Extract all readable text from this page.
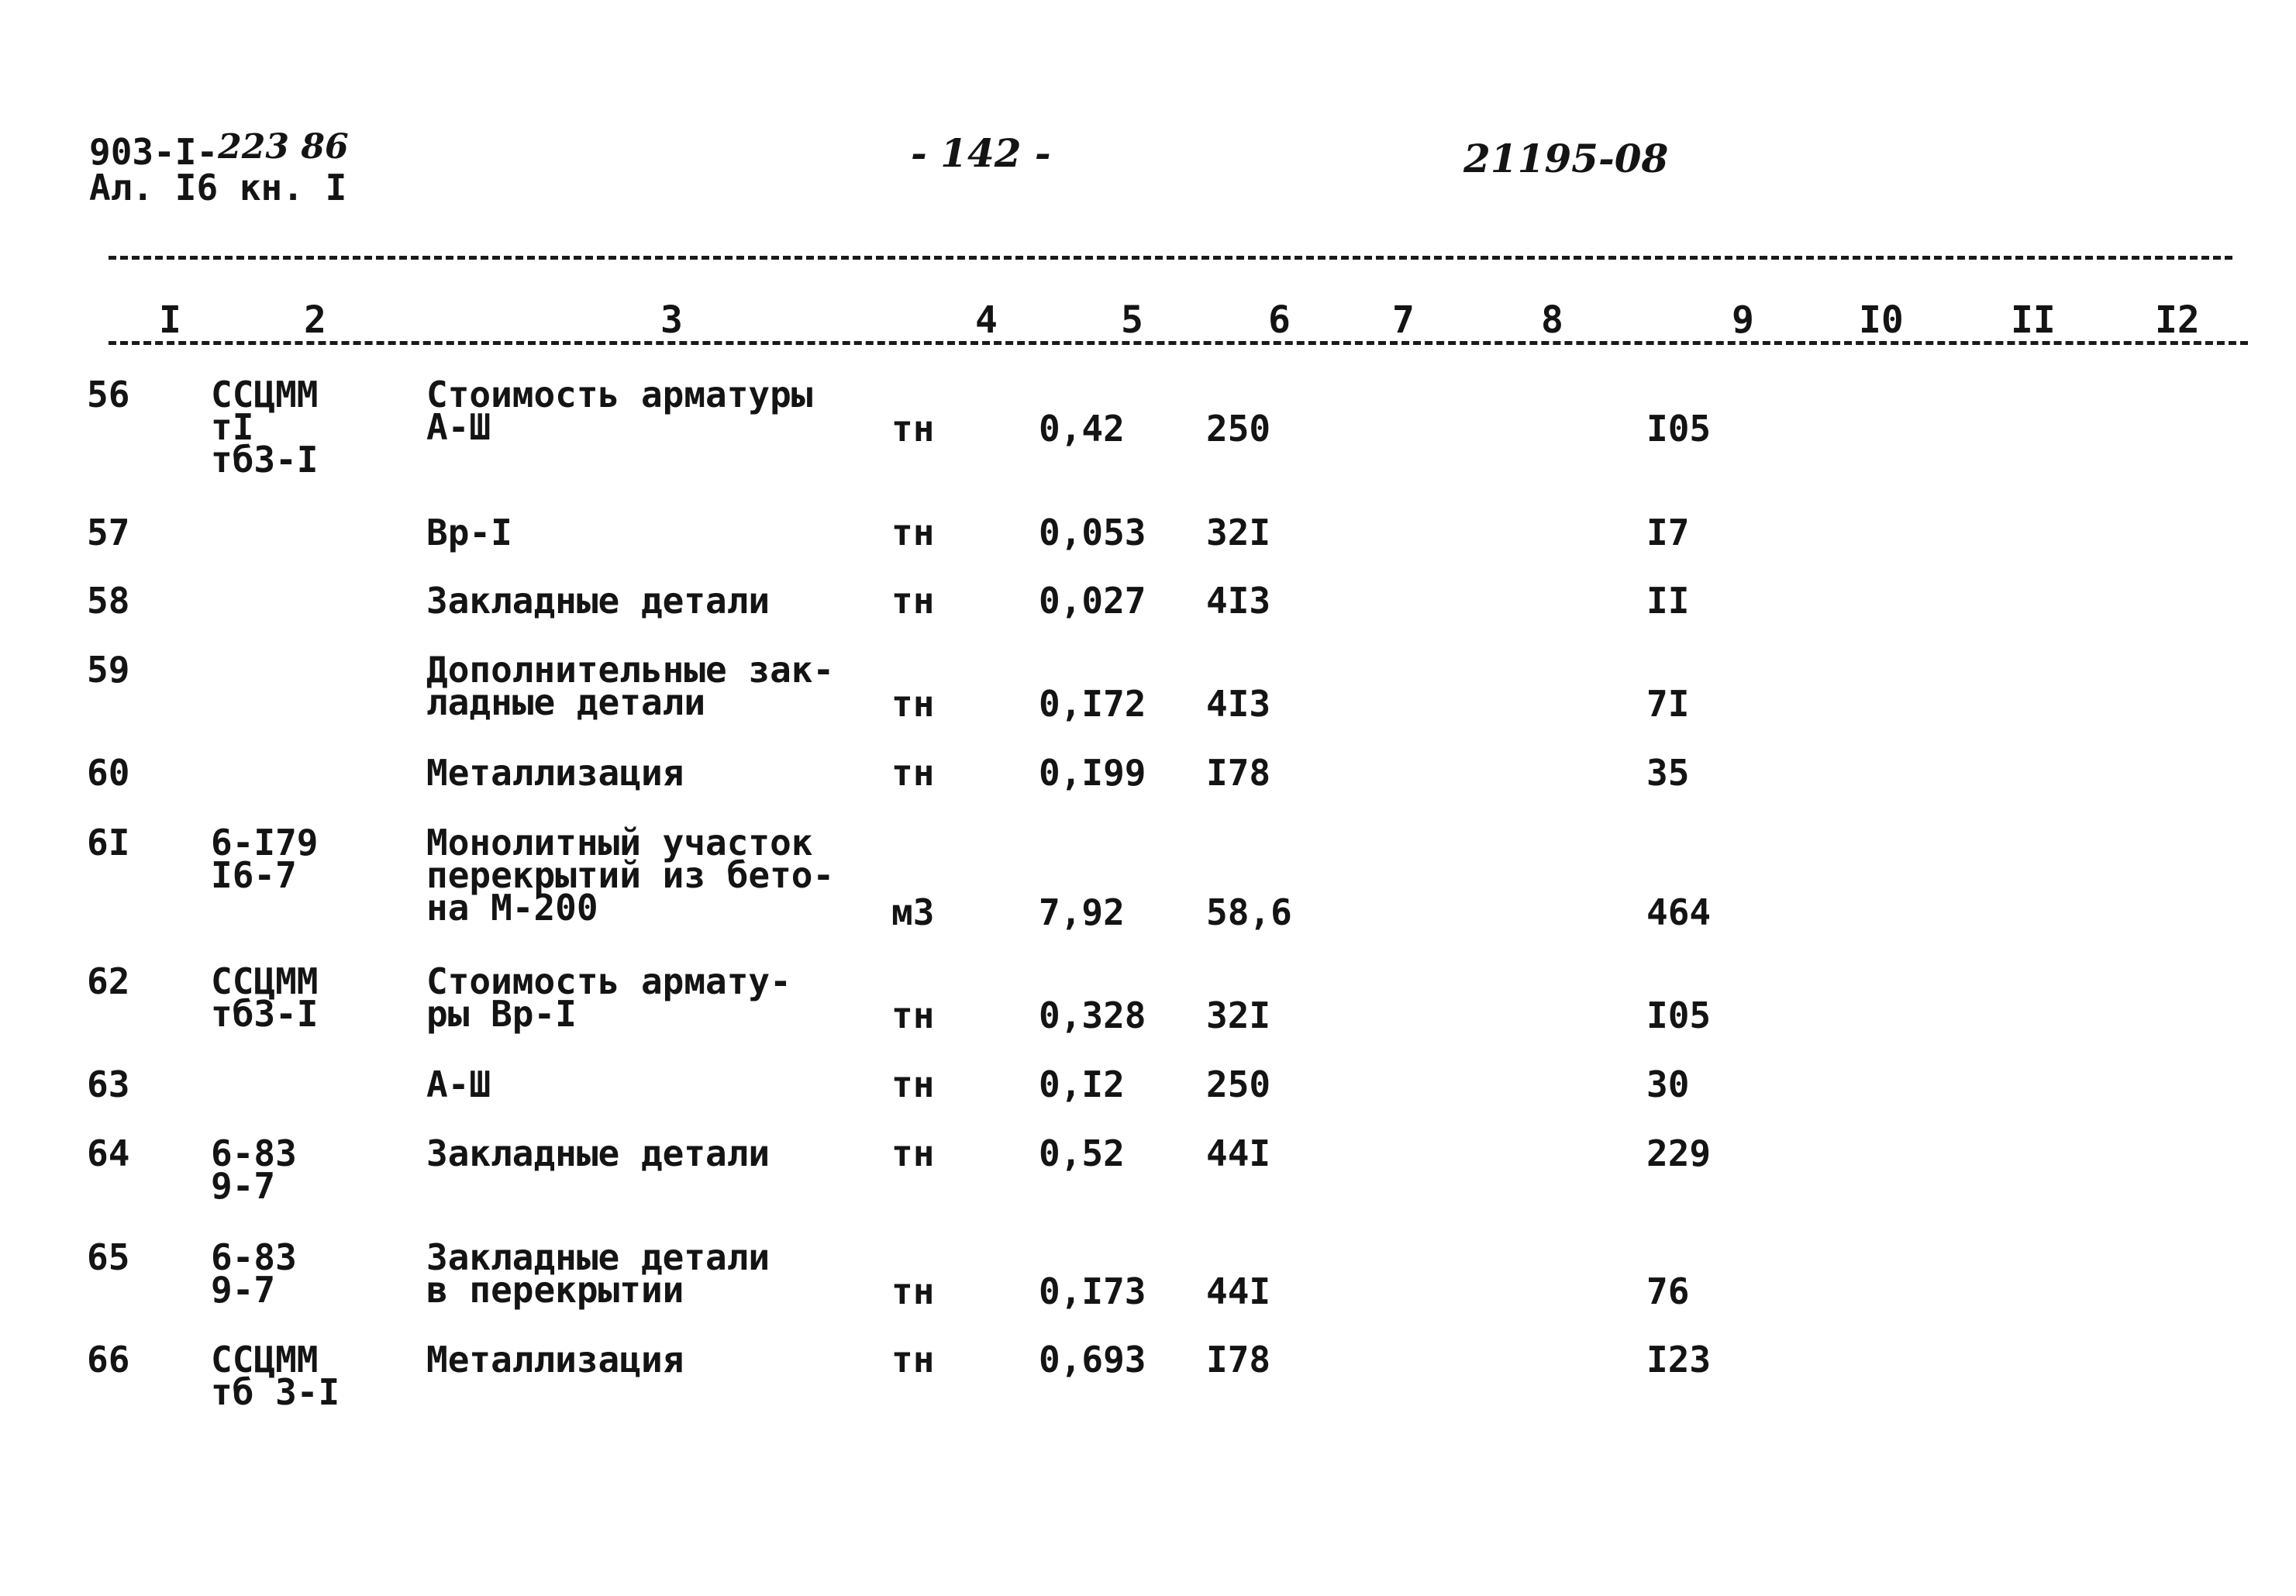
903-I-223 86
Ал. I6 кн. I
- 142 -	21195-08
I	2	3	4	5	6	7	8	9	I0	II	I2
56 ССЦММ
тI
тб3-I
Стоимость арматуры
А-Ш	тн	0,42 250	I05
57	Вр-I	тн	0,053 32I	I7
58	Закладные детали	тн	0,027 4I3	II
59	Дополнительные зак-
ладные детали	тн	0,I72 4I3	7I
60	Металлизация	тн	0,I99 I78	35
6I 6-I79
I6-7
Монолитный участок
перекрытий из бето-
на М-200	м3	7,92 58,6	464
62 ССЦММ
тб3-I
Стоимость армату-
ры Вр-I	тн	0,328 32I	I05
63	А-Ш	тн	0,I2 250	30
64 6-83
9-7
Закладные детали	тн	0,52 44I	229
65 6-83
9-7
Закладные детали
в перекрытии	тн	0,I73 44I	76
66 ССЦММ
тб 3-I
Металлизация	тн	0,693 I78	I23
